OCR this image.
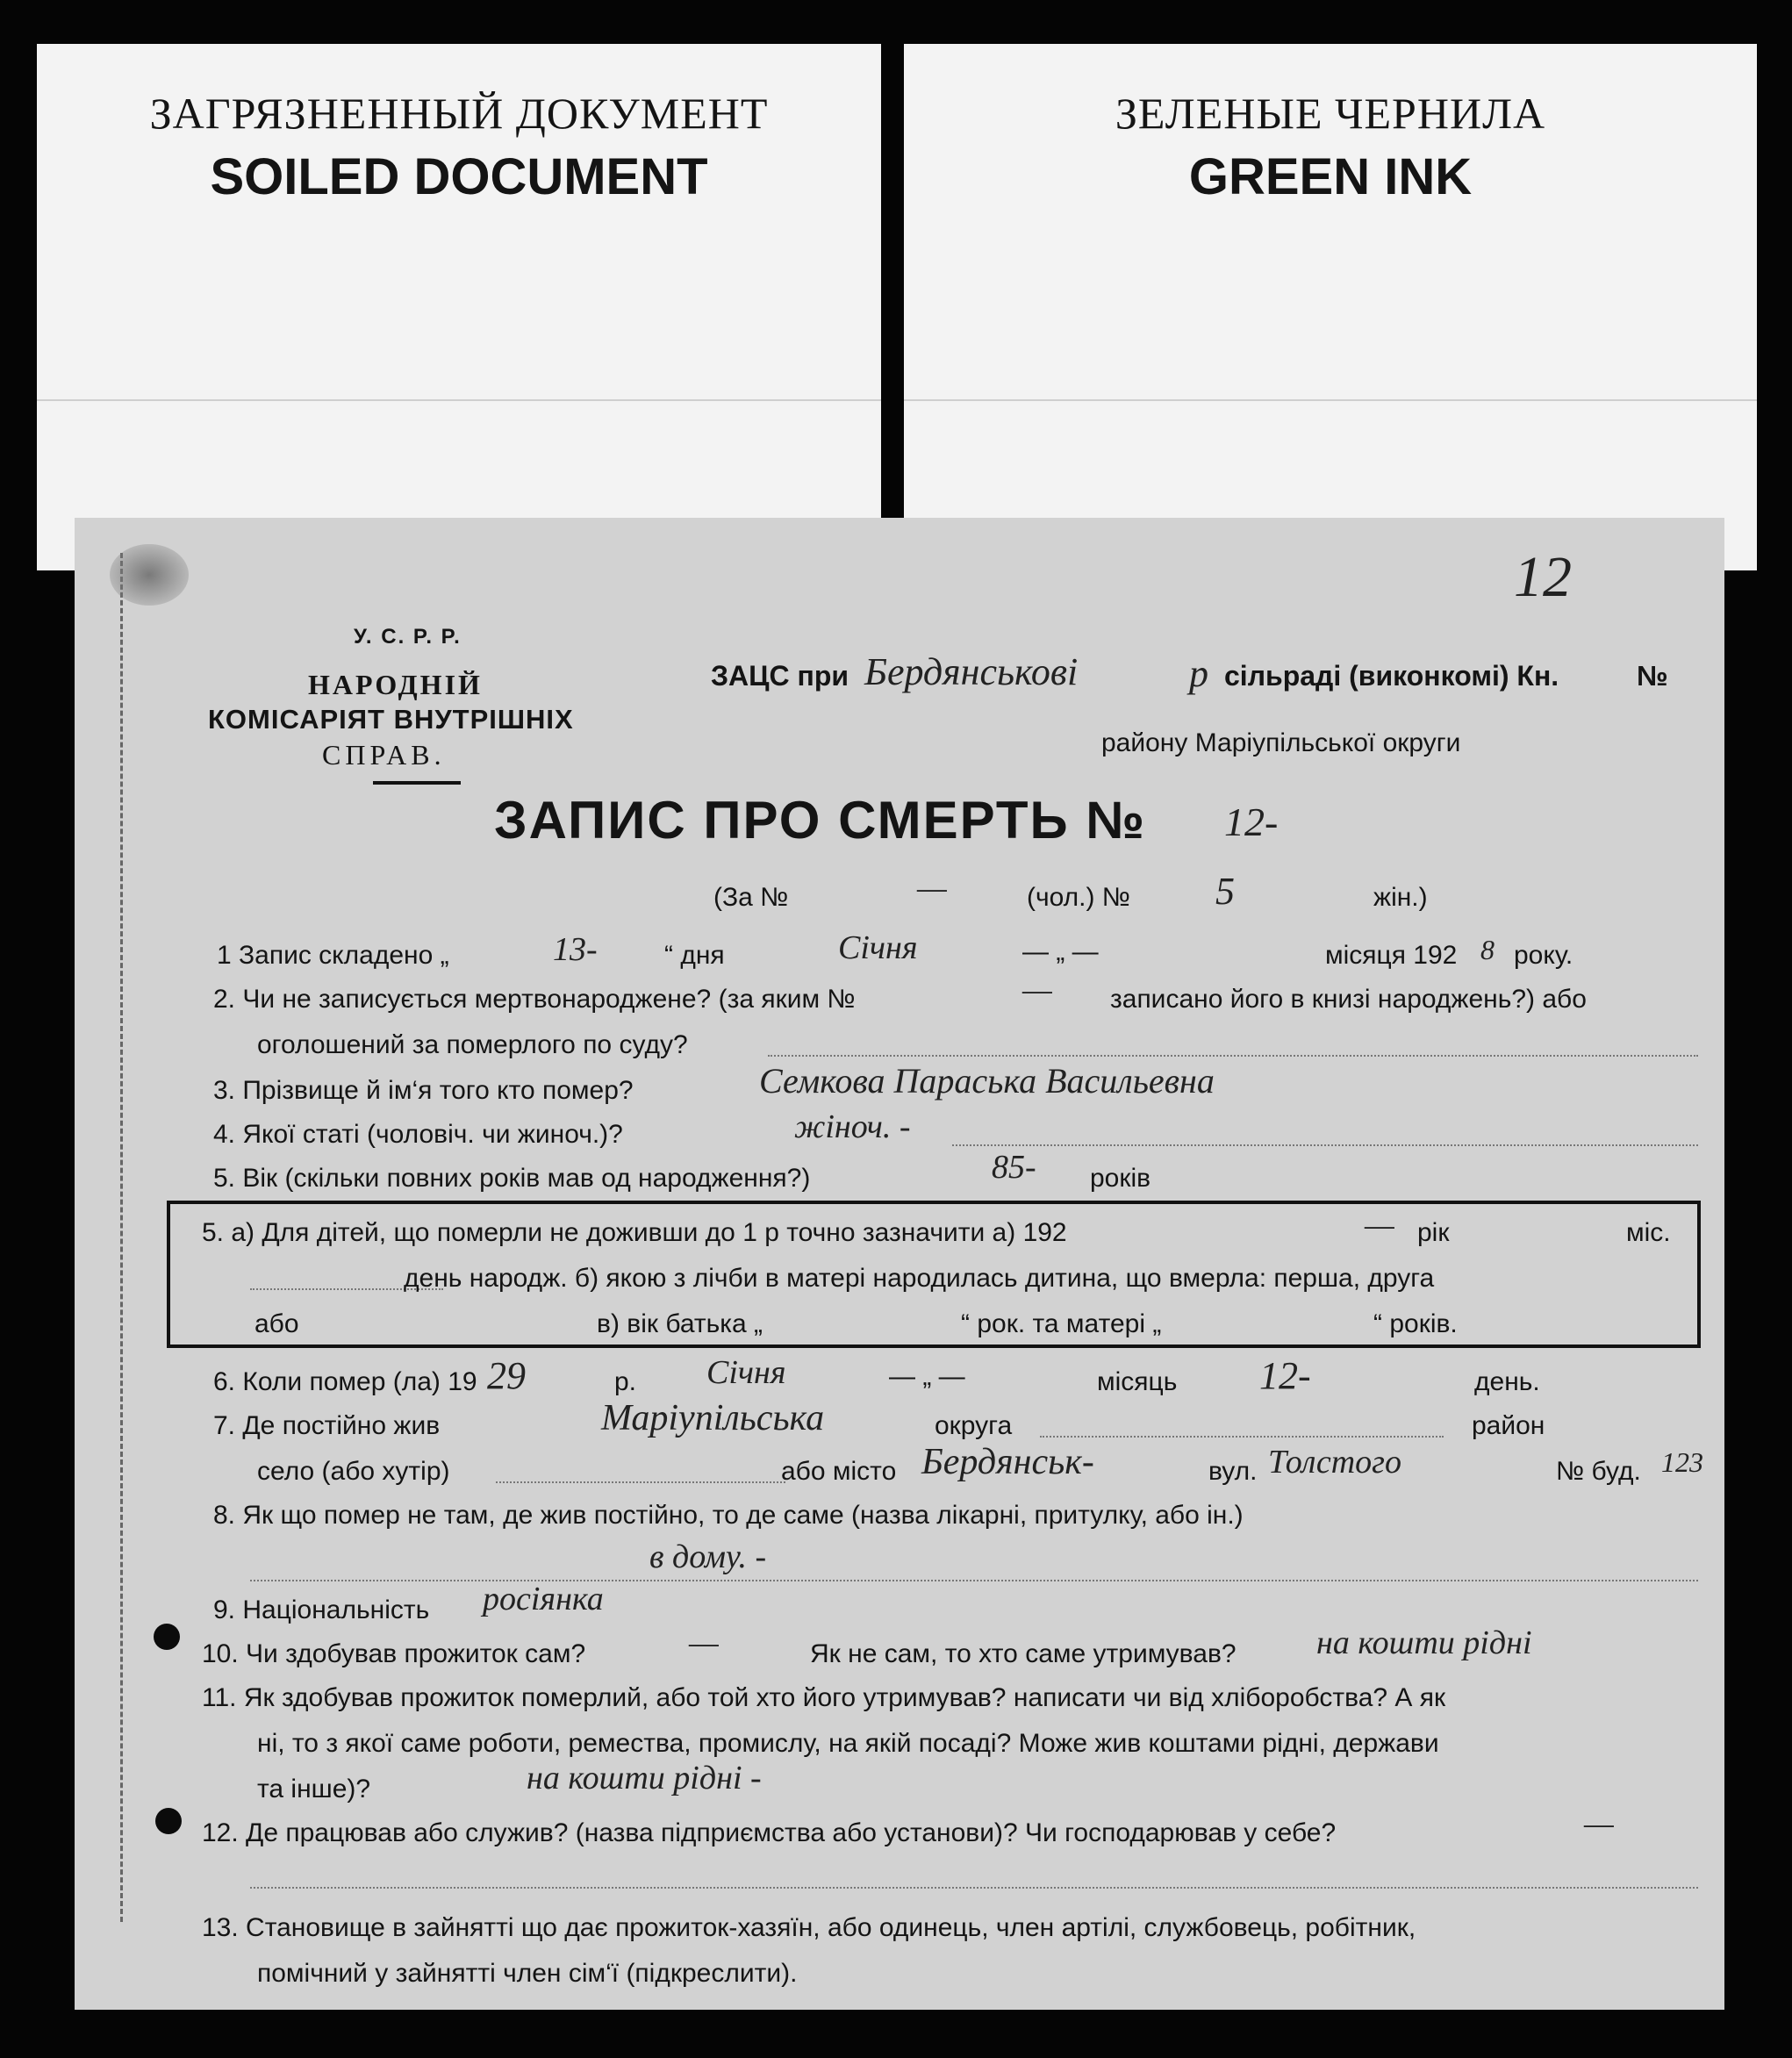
ЗАГРЯЗНЕННЫЙ ДОКУМЕНТ
SOILED DOCUMENT
ЗЕЛЕНЫЕ ЧЕРНИЛА
GREEN INK
У. С. Р. Р.
НАРОДНІЙ
КОМІСАРІЯТ ВНУТРІШНІХ
СПРАВ.
12
ЗАЦС при Бердянськові	р сільраді (виконкомі) Кн.	№
району Маріупільської округи
ЗАПИС ПРО СМЕРТЬ № 12-
(За №	—	(чол.) № 5	жін.)
1 Запис складено „	13-	“ дня	Січня	— „ —	місяця 192 8 року.
2. Чи не записується мертвонароджене? (за яким №	— записано його в книзі народжень?) або
оголошений за померлого по суду?
3. Прізвище й ім‘я того кто помер?	Семкова Параська Васильевна
4. Якої статі (чоловіч. чи жиноч.)?	жіноч. -
5. Вік (скільки повних років мав од народження?)	85- років
5. а) Для дітей, що померли не доживши до 1 р точно зазначити а) 192	— рік	міс.
день народж. б) якою з лічби в матері народилась дитина, що вмерла: перша, друга
або	в) вік батька „	“ рок. та матері „	“ років.
6. Коли помер (ла) 19 29	р. Січня	— „ —	місяць 12-	день.
7. Де постійно жив	Маріупільська	округа	район
село (або хутір)	або місто Бердянськ-	вул. Толстого	№ буд. 123
8. Як що помер не там, де жив постійно, то де саме (назва лікарні, притулку, або ін.)
в дому. -
9. Національність росіянка
10. Чи здобував прожиток сам?	—	Як не сам, то хто саме утримував? на кошти рідні
11. Як здобував прожиток померлий, або той хто його утримував? написати чи від хліборобства? А як
ні, то з якої саме роботи, ремества, промислу, на якій посаді? Може жив коштами рідні, держави
та інше)?	на кошти рідні -
12. Де працював або служив? (назва підприємства або установи)? Чи господарював у себе?	—
13. Становище в зайнятті що дає прожиток-хазяїн, або одинець, член артілі, службовець, робітник,
помічний у зайнятті член сім‘ї (підкреслити).
